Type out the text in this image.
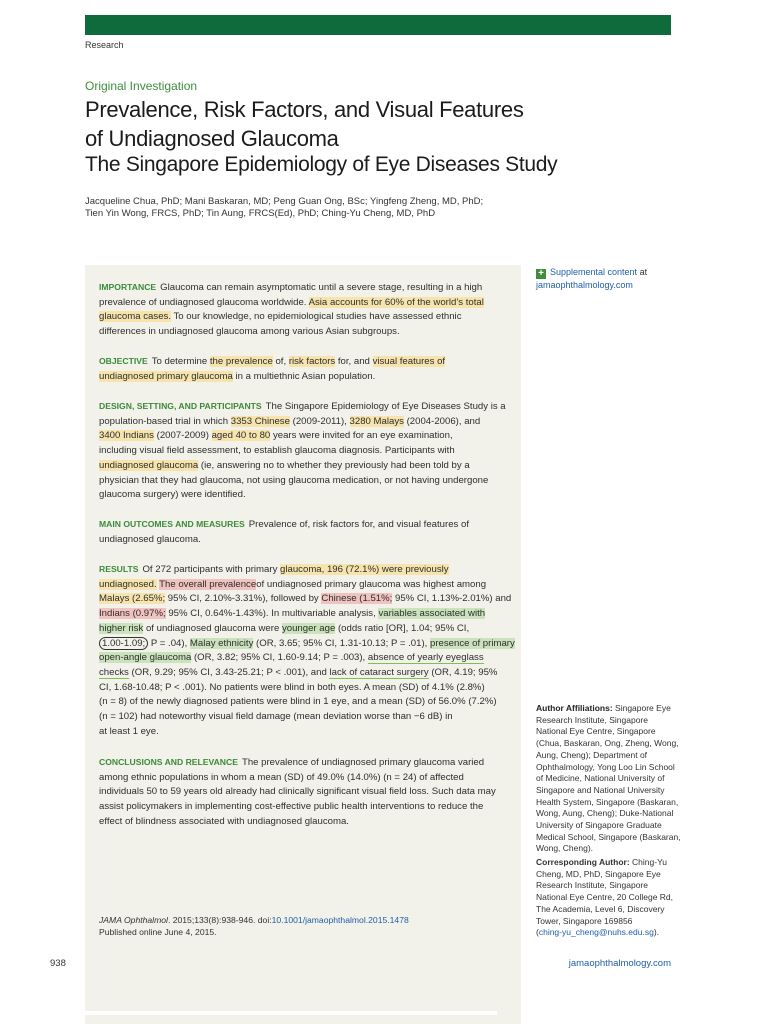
Research
Original Investigation
Prevalence, Risk Factors, and Visual Features
of Undiagnosed Glaucoma
The Singapore Epidemiology of Eye Diseases Study
Jacqueline Chua, PhD; Mani Baskaran, MD; Peng Guan Ong, BSc; Yingfeng Zheng, MD, PhD;
Tien Yin Wong, FRCS, PhD; Tin Aung, FRCS(Ed), PhD; Ching-Yu Cheng, MD, PhD

IMPORTANCE Glaucoma can remain asymptomatic until a severe stage, resulting in a high
prevalence of undiagnosed glaucoma worldwide. Asia accounts for 60% of the world’s total
glaucoma cases. To our knowledge, no epidemiological studies have assessed ethnic
differences in undiagnosed glaucoma among various Asian subgroups.

OBJECTIVE To determine the prevalence of, risk factors for, and visual features of
undiagnosed primary glaucoma in a multiethnic Asian population.

DESIGN, SETTING, AND PARTICIPANTS The Singapore Epidemiology of Eye Diseases Study is a
population-based trial in which 3353 Chinese (2009-2011), 3280 Malays (2004-2006), and
3400 Indians (2007-2009) aged 40 to 80 years were invited for an eye examination,
including visual field assessment, to establish glaucoma diagnosis. Participants with
undiagnosed glaucoma (ie, answering no to whether they previously had been told by a
physician that they had glaucoma, not using glaucoma medication, or not having undergone
glaucoma surgery) were identified.

MAIN OUTCOMES AND MEASURES Prevalence of, risk factors for, and visual features of
undiagnosed glaucoma.

RESULTS Of 272 participants with primary glaucoma, 196 (72.1%) were previously
undiagnosed. The overall prevalenceof undiagnosed primary glaucoma was highest among
Malays (2.65%; 95% CI, 2.10%-3.31%), followed by Chinese (1.51%; 95% CI, 1.13%-2.01%) and
Indians (0.97%; 95% CI, 0.64%-1.43%). In multivariable analysis, variables associated with
higher risk of undiagnosed glaucoma were younger age (odds ratio [OR], 1.04; 95% CI,
1.00-1.09; P = .04), Malay ethnicity (OR, 3.65; 95% CI, 1.31-10.13; P = .01), presence of primary
open-angle glaucoma (OR, 3.82; 95% CI, 1.60-9.14; P = .003), absence of yearly eyeglass
checks (OR, 9.29; 95% CI, 3.43-25.21; P < .001), and lack of cataract surgery (OR, 4.19; 95%
CI, 1.68-10.48; P < .001). No patients were blind in both eyes. A mean (SD) of 4.1% (2.8%)
(n = 8) of the newly diagnosed patients were blind in 1 eye, and a mean (SD) of 56.0% (7.2%)
(n = 102) had noteworthy visual field damage (mean deviation worse than −6 dB) in
at least 1 eye.

CONCLUSIONS AND RELEVANCE The prevalence of undiagnosed primary glaucoma varied
among ethnic populations in whom a mean (SD) of 49.0% (14.0%) (n = 24) of affected
individuals 50 to 59 years old already had clinically significant visual field loss. Such data may
assist policymakers in implementing cost-effective public health interventions to reduce the
effect of blindness associated with undiagnosed glaucoma.

JAMA Ophthalmol. 2015;133(8):938-946. doi:10.1001/jamaophthalmol.2015.1478
Published online June 4, 2015.
+ Supplemental content at
jamaophthalmology.com
Author Affiliations: Singapore Eye
Research Institute, Singapore
National Eye Centre, Singapore
(Chua, Baskaran, Ong, Zheng, Wong,
Aung, Cheng); Department of
Ophthalmology, Yong Loo Lin School
of Medicine, National University of
Singapore and National University
Health System, Singapore (Baskaran,
Wong, Aung, Cheng); Duke-National
University of Singapore Graduate
Medical School, Singapore (Baskaran,
Wong, Cheng).
Corresponding Author: Ching-Yu
Cheng, MD, PhD, Singapore Eye
Research Institute, Singapore
National Eye Centre, 20 College Rd,
The Academia, Level 6, Discovery
Tower, Singapore 169856
(ching-yu_cheng@nuhs.edu.sg).
938	jamaophthalmology.com
